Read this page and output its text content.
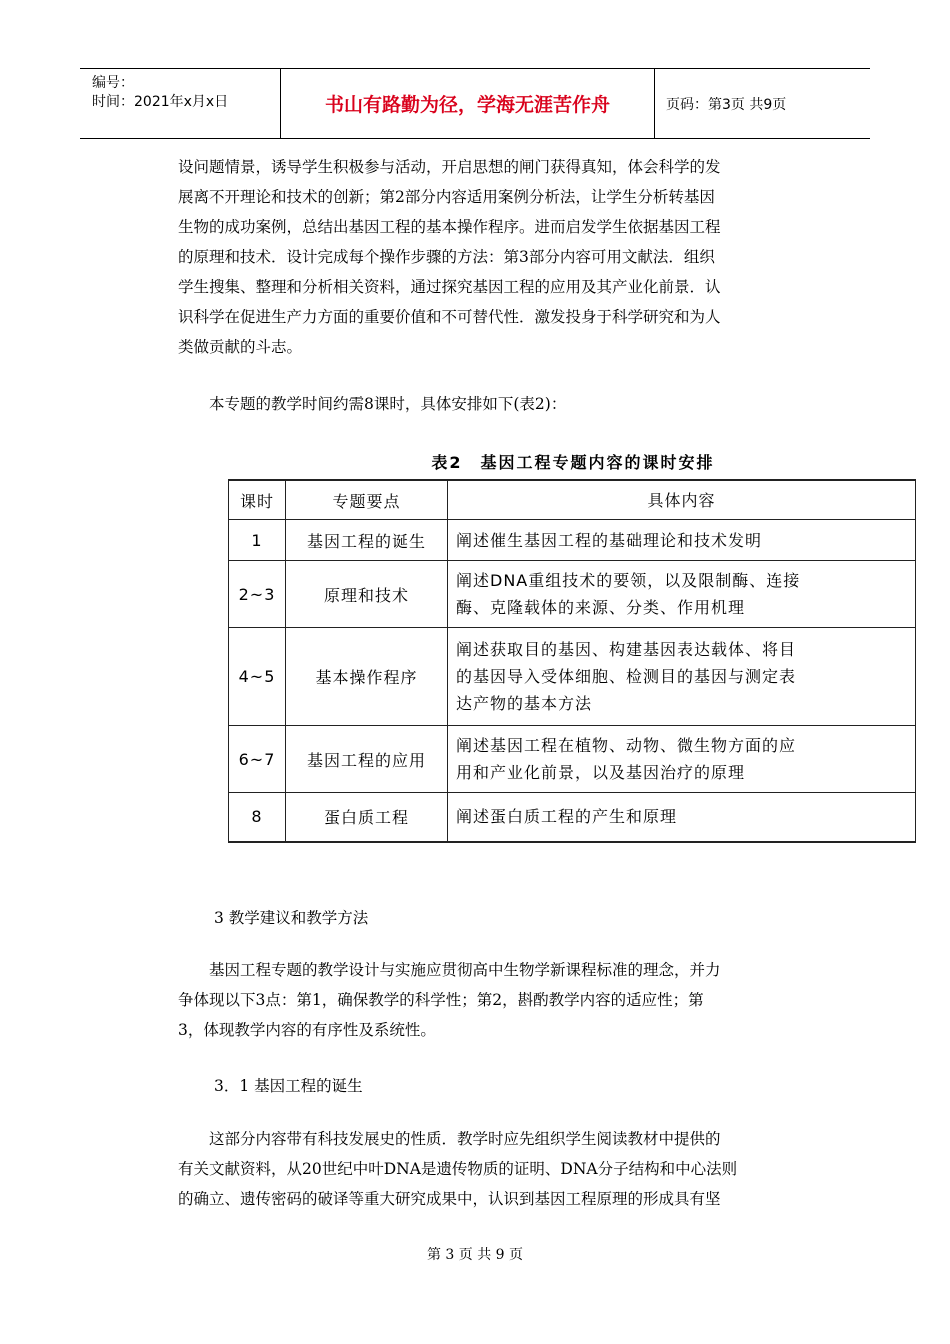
编号：
时间：2021年x月x日	书山有路勤为径，学海无涯苦作舟	页码：第3页 共9页
设问题情景，诱导学生积极参与活动，开启思想的闸门获得真知，体会科学的发
展离不开理论和技术的创新；第2部分内容适用案例分析法，让学生分析转基因
生物的成功案例，总结出基因工程的基本操作程序。进而启发学生依据基因工程
的原理和技术．设计完成每个操作步骤的方法：第3部分内容可用文献法．组织
学生搜集、整理和分析相关资料，通过探究基因工程的应用及其产业化前景．认
识科学在促进生产力方面的重要价值和不可替代性．激发投身于科学研究和为人
类做贡献的斗志。
本专题的教学时间约需8课时，具体安排如下(表2)：
表2　基因工程专题内容的课时安排
课时	专题要点	具体内容
1	基因工程的诞生	阐述催生基因工程的基础理论和技术发明

2~3	原理和技术	阐述DNA重组技术的要领，以及限制酶、连接
酶、克隆载体的来源、分类、作用机理

4~5	基本操作程序	阐述获取目的基因、构建基因表达载体、将目
的基因导入受体细胞、检测目的基因与测定表
达产物的基本方法

6~7	基因工程的应用	阐述基因工程在植物、动物、微生物方面的应
用和产业化前景，以及基因治疗的原理

8	蛋白质工程	阐述蛋白质工程的产生和原理
3 教学建议和教学方法
基因工程专题的教学设计与实施应贯彻高中生物学新课程标准的理念，并力
争体现以下3点：第1，确保教学的科学性；第2，斟酌教学内容的适应性；第
3，体现教学内容的有序性及系统性。
3．1 基因工程的诞生
这部分内容带有科技发展史的性质．教学时应先组织学生阅读教材中提供的
有关文献资料，从20世纪中叶DNA是遗传物质的证明、DNA分子结构和中心法则
的确立、遗传密码的破译等重大研究成果中，认识到基因工程原理的形成具有坚
第 3 页 共 9 页
